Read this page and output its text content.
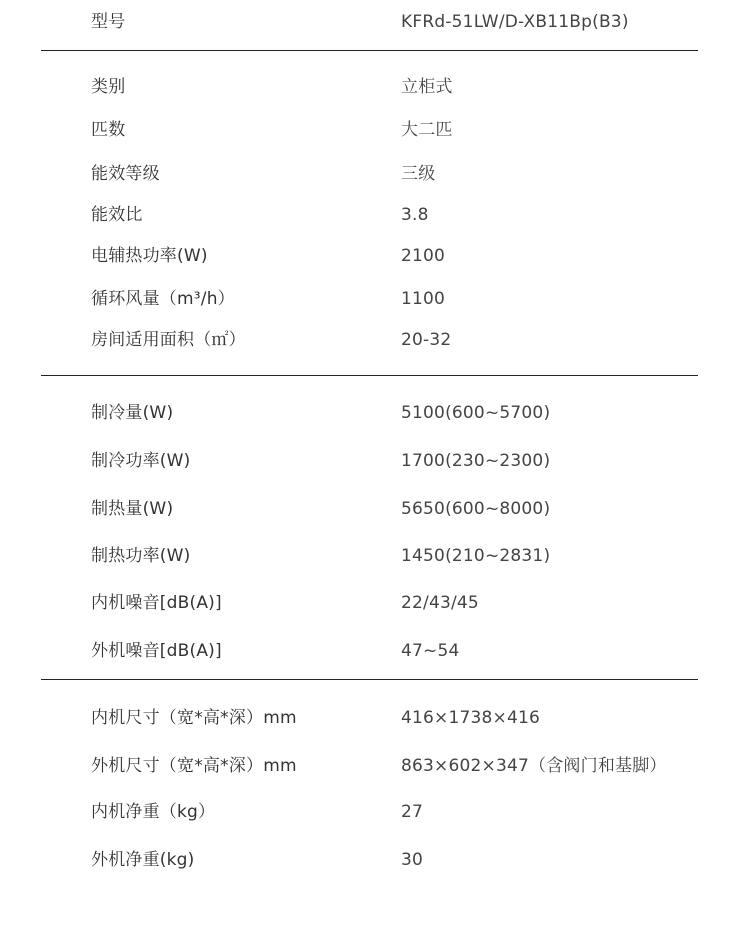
型号	KFRd-51LW/D-XB11Bp(B3)
类别	立柜式
匹数	大二匹
能效等级	三级
能效比	3.8
电辅热功率(W)	2100
循环风量（m³/h）	1100
房间适用面积（㎡）	20-32
制冷量(W)	5100(600~5700)
制冷功率(W)	1700(230~2300)
制热量(W)	5650(600~8000)
制热功率(W)	1450(210~2831)
内机噪音[dB(A)]	22/43/45
外机噪音[dB(A)]	47~54
内机尺寸（宽*高*深）mm	416×1738×416
外机尺寸（宽*高*深）mm	863×602×347（含阀门和基脚）
内机净重（kg）	27
外机净重(kg)	30
